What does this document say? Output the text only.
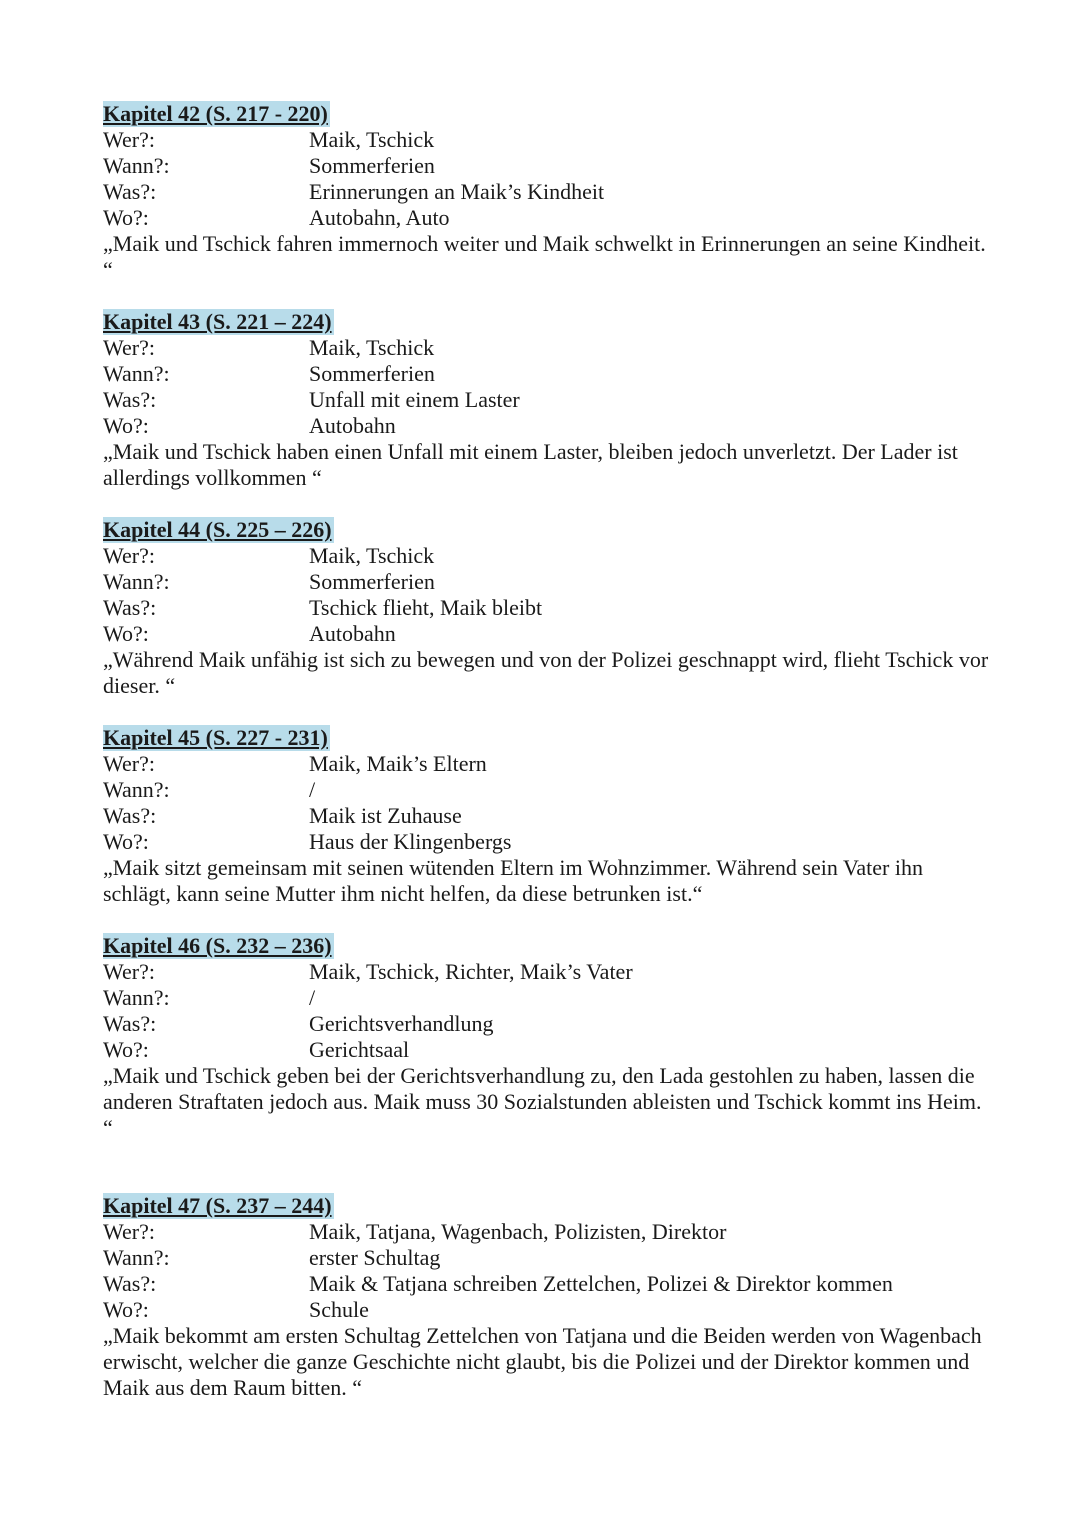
Kapitel 42 (S. 217 - 220)
Wer?:	Maik, Tschick
Wann?:	Sommerferien
Was?:	Erinnerungen an Maik’s Kindheit
Wo?:	Autobahn, Auto

„Maik und Tschick fahren immernoch weiter und Maik schwelkt in Erinnerungen an seine Kindheit. “

Kapitel 43 (S. 221 – 224)
Wer?:	Maik, Tschick
Wann?:	Sommerferien
Was?:	Unfall mit einem Laster
Wo?:	Autobahn

„Maik und Tschick haben einen Unfall mit einem Laster, bleiben jedoch unverletzt. Der Lader ist allerdings vollkommen “

Kapitel 44 (S. 225 – 226)
Wer?:	Maik, Tschick
Wann?:	Sommerferien
Was?:	Tschick flieht, Maik bleibt
Wo?:	Autobahn

„Während Maik unfähig ist sich zu bewegen und von der Polizei geschnappt wird, flieht Tschick vor dieser. “

Kapitel 45 (S. 227 - 231)
Wer?:	Maik, Maik’s Eltern
Wann?:	/
Was?:	Maik ist Zuhause
Wo?:	Haus der Klingenbergs

„Maik sitzt gemeinsam mit seinen wütenden Eltern im Wohnzimmer. Während sein Vater ihn schlägt, kann seine Mutter ihm nicht helfen, da diese betrunken ist.“

Kapitel 46 (S. 232 – 236)
Wer?:	Maik, Tschick, Richter, Maik’s Vater
Wann?:	/
Was?:	Gerichtsverhandlung
Wo?:	Gerichtsaal

„Maik und Tschick geben bei der Gerichtsverhandlung zu, den Lada gestohlen zu haben, lassen die anderen Straftaten jedoch aus. Maik muss 30 Sozialstunden ableisten und Tschick kommt ins Heim. “

Kapitel 47 (S. 237 – 244)
Wer?:	Maik, Tatjana, Wagenbach, Polizisten, Direktor
Wann?:	erster Schultag
Was?:	Maik & Tatjana schreiben Zettelchen, Polizei & Direktor kommen
Wo?:	Schule

„Maik bekommt am ersten Schultag Zettelchen von Tatjana und die Beiden werden von Wagenbach erwischt, welcher die ganze Geschichte nicht glaubt, bis die Polizei und der Direktor kommen und Maik aus dem Raum bitten. “
